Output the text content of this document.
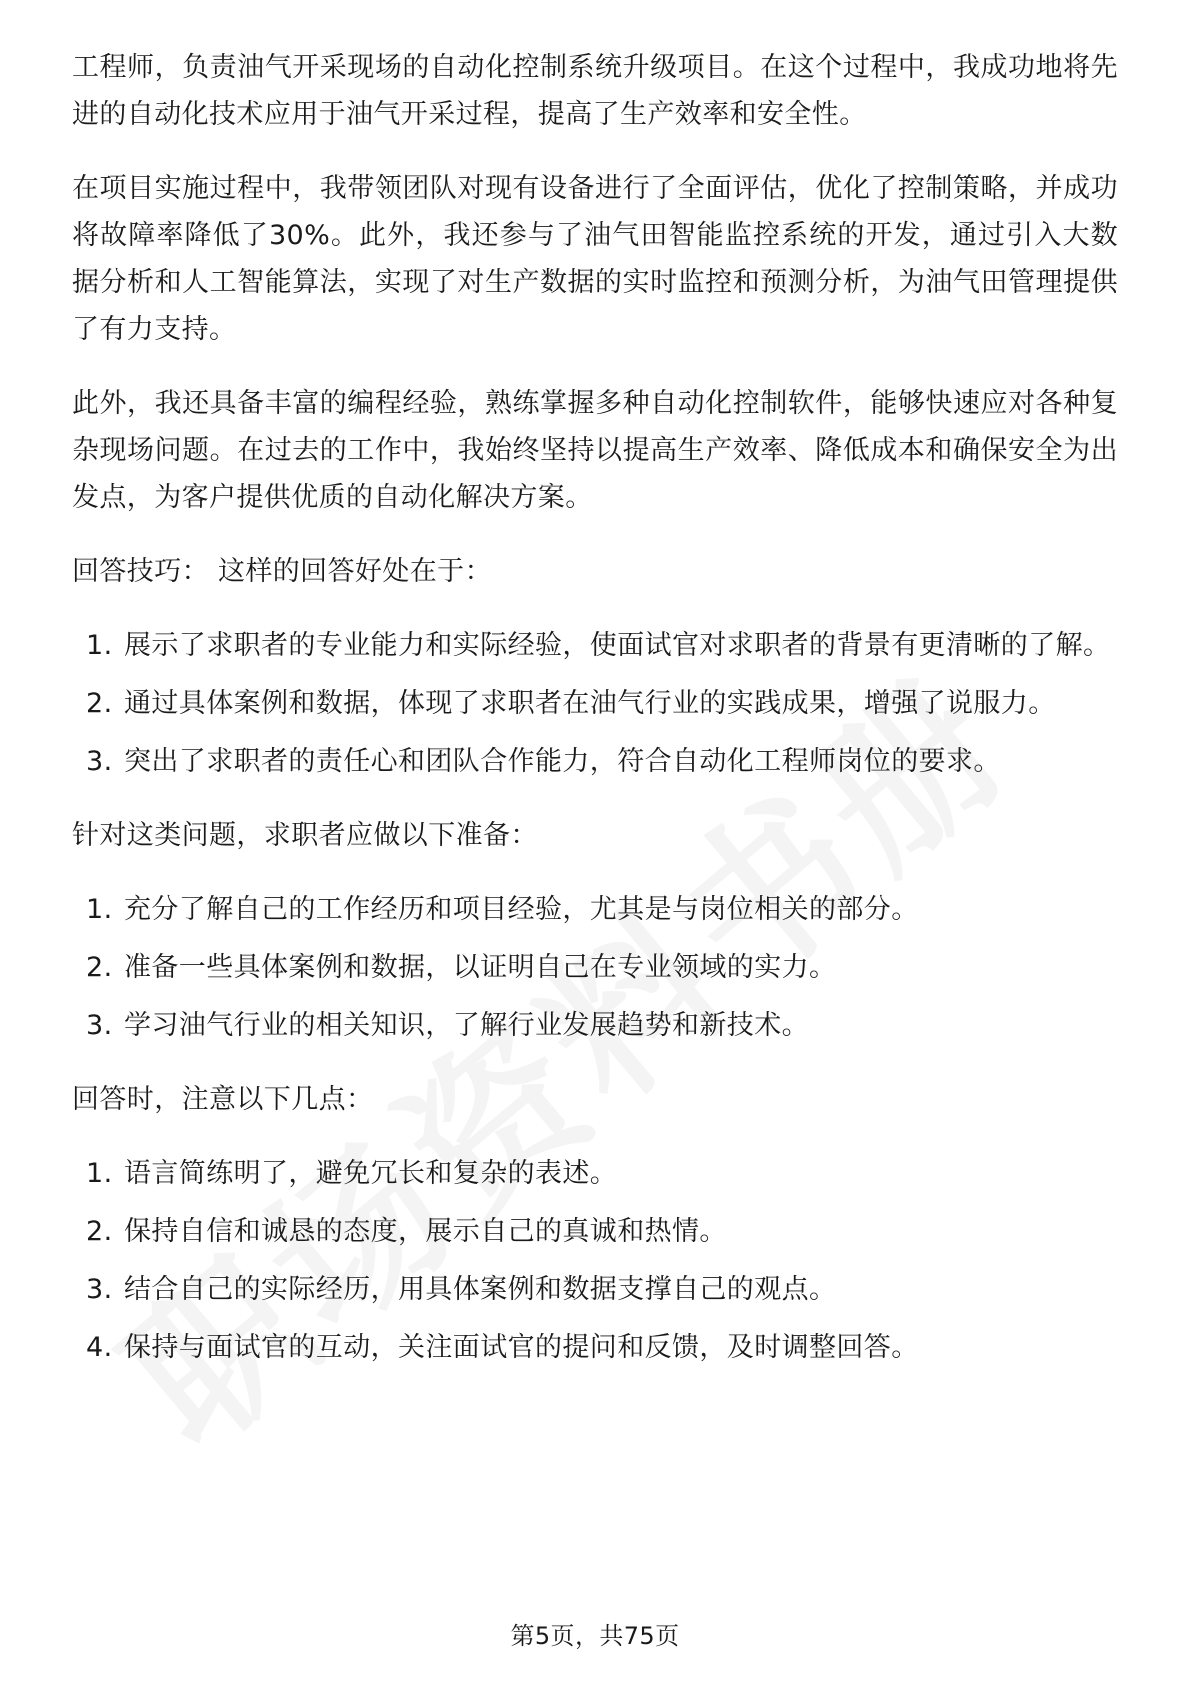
工程师，负责油气开采现场的自动化控制系统升级项目。在这个过程中，我成功地将先进的自动化技术应用于油气开采过程，提高了生产效率和安全性。

在项目实施过程中，我带领团队对现有设备进行了全面评估，优化了控制策略，并成功将故障率降低了30%。此外，我还参与了油气田智能监控系统的开发，通过引入大数据分析和人工智能算法，实现了对生产数据的实时监控和预测分析，为油气田管理提供了有力支持。

此外，我还具备丰富的编程经验，熟练掌握多种自动化控制软件，能够快速应对各种复杂现场问题。在过去的工作中，我始终坚持以提高生产效率、降低成本和确保安全为出发点，为客户提供优质的自动化解决方案。

回答技巧： 这样的回答好处在于：

1. 展示了求职者的专业能力和实际经验，使面试官对求职者的背景有更清晰的了解。
2. 通过具体案例和数据，体现了求职者在油气行业的实践成果，增强了说服力。
3. 突出了求职者的责任心和团队合作能力，符合自动化工程师岗位的要求。

针对这类问题，求职者应做以下准备：

1. 充分了解自己的工作经历和项目经验，尤其是与岗位相关的部分。
2. 准备一些具体案例和数据，以证明自己在专业领域的实力。
3. 学习油气行业的相关知识，了解行业发展趋势和新技术。

回答时，注意以下几点：

1. 语言简练明了，避免冗长和复杂的表述。
2. 保持自信和诚恳的态度，展示自己的真诚和热情。
3. 结合自己的实际经历，用具体案例和数据支撑自己的观点。
4. 保持与面试官的互动，关注面试官的提问和反馈，及时调整回答。
第5页，共75页
